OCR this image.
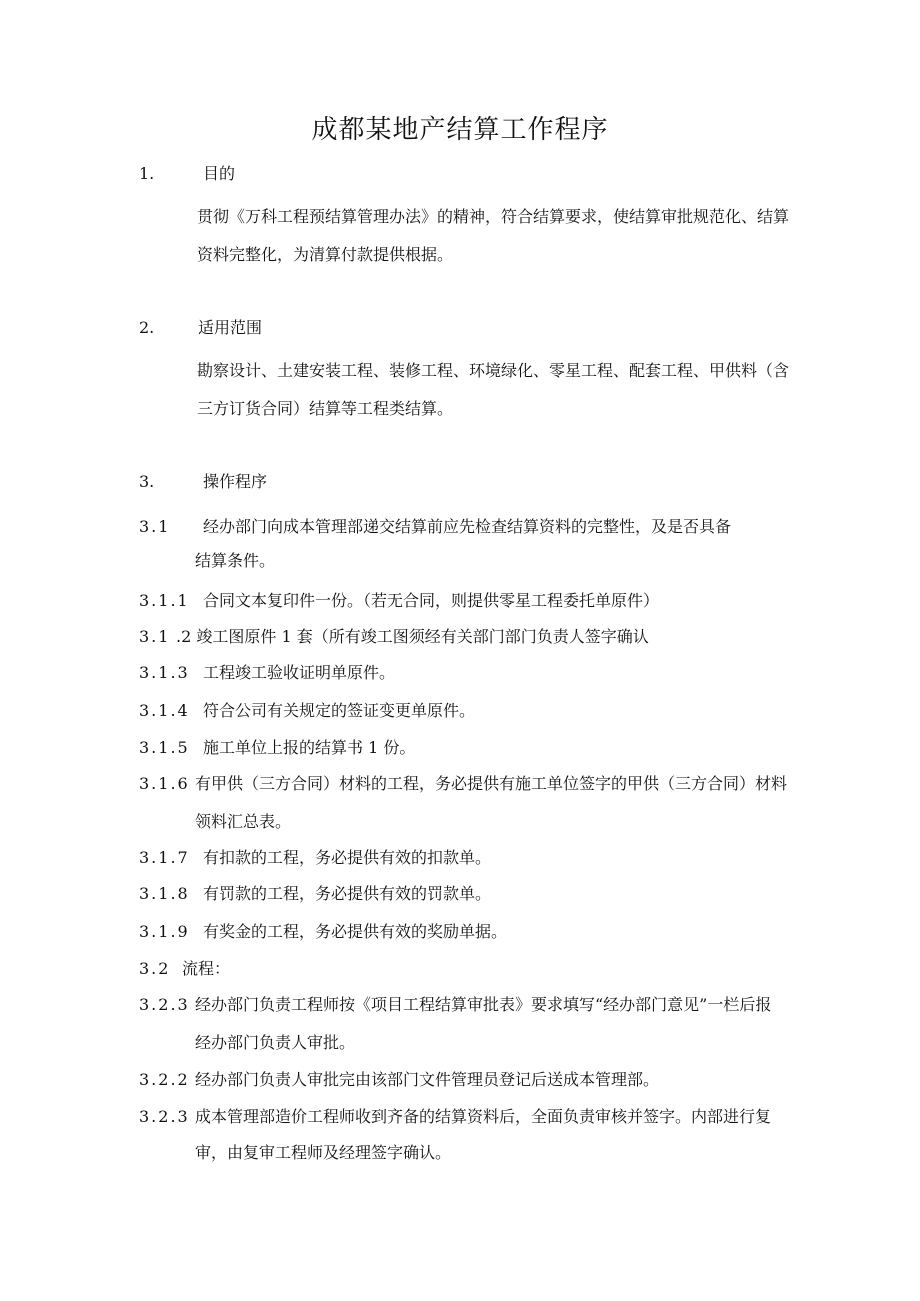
成都某地产结算工作程序
1.	目的
贯彻《万科工程预结算管理办法》的精神，符合结算要求，使结算审批规范化、结算
资料完整化，为清算付款提供根据。
2.	适用范围
勘察设计、土建安装工程、装修工程、环境绿化、零星工程、配套工程、甲供料（含
三方订货合同）结算等工程类结算。
3.	操作程序
3.1 经办部门向成本管理部递交结算前应先检查结算资料的完整性，及是否具备
结算条件。
3.1.1 合同文本复印件一份。（若无合同，则提供零星工程委托单原件）
3.1 .2 竣工图原件 1 套（所有竣工图须经有关部门部门负责人签字确认
3.1.3 工程竣工验收证明单原件。
3.1.4 符合公司有关规定的签证变更单原件。
3.1.5 施工单位上报的结算书 1 份。
3.1.6 有甲供（三方合同）材料的工程，务必提供有施工单位签字的甲供（三方合同）材料
领料汇总表。
3.1.7 有扣款的工程，务必提供有效的扣款单。
3.1.8 有罚款的工程，务必提供有效的罚款单。
3.1.9 有奖金的工程，务必提供有效的奖励单据。
3.2 流程：
3.2.3 经办部门负责工程师按《项目工程结算审批表》要求填写“经办部门意见”一栏后报
经办部门负责人审批。
3.2.2 经办部门负责人审批完由该部门文件管理员登记后送成本管理部。
3.2.3 成本管理部造价工程师收到齐备的结算资料后，全面负责审核并签字。内部进行复
审，由复审工程师及经理签字确认。
